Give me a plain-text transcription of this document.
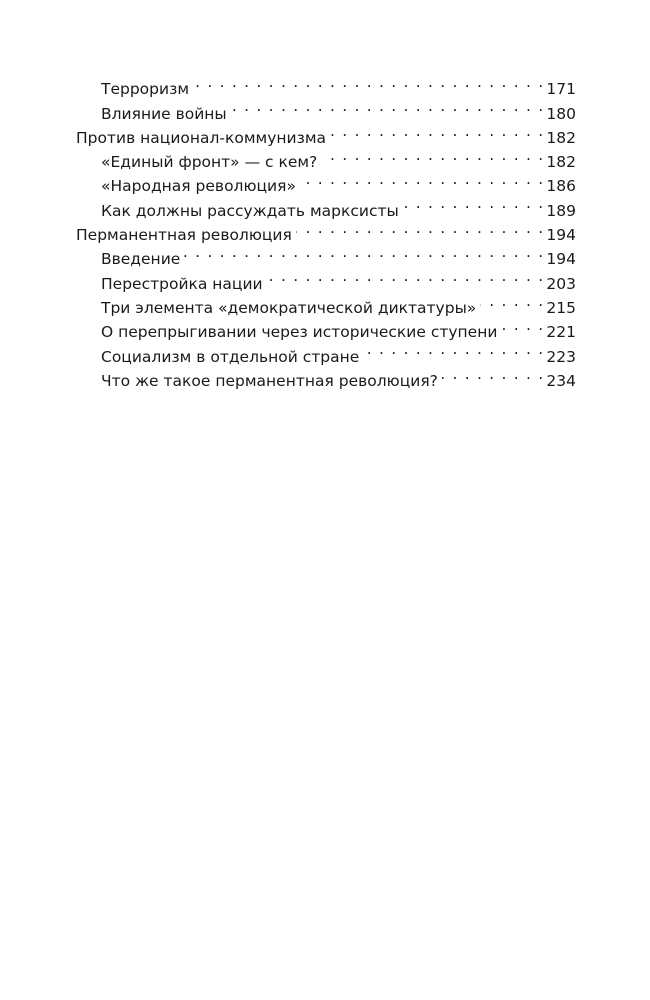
Терроризм . . .	171
Влияние войны . . .	180
Против национал-коммунизма . . .	182
«Единый фронт» — с кем? . . .	182
«Народная революция» . . .	186
Как должны рассуждать марксисты . . .	189
Перманентная революция . . .	194
Введение . . .	194
Перестройка нации . . .	203
Три элемента «демократической диктатуры» . . .	215
О перепрыгивании через исторические ступени . . .	221
Социализм в отдельной стране . . .	223
Что же такое перманентная революция? . . .	234
